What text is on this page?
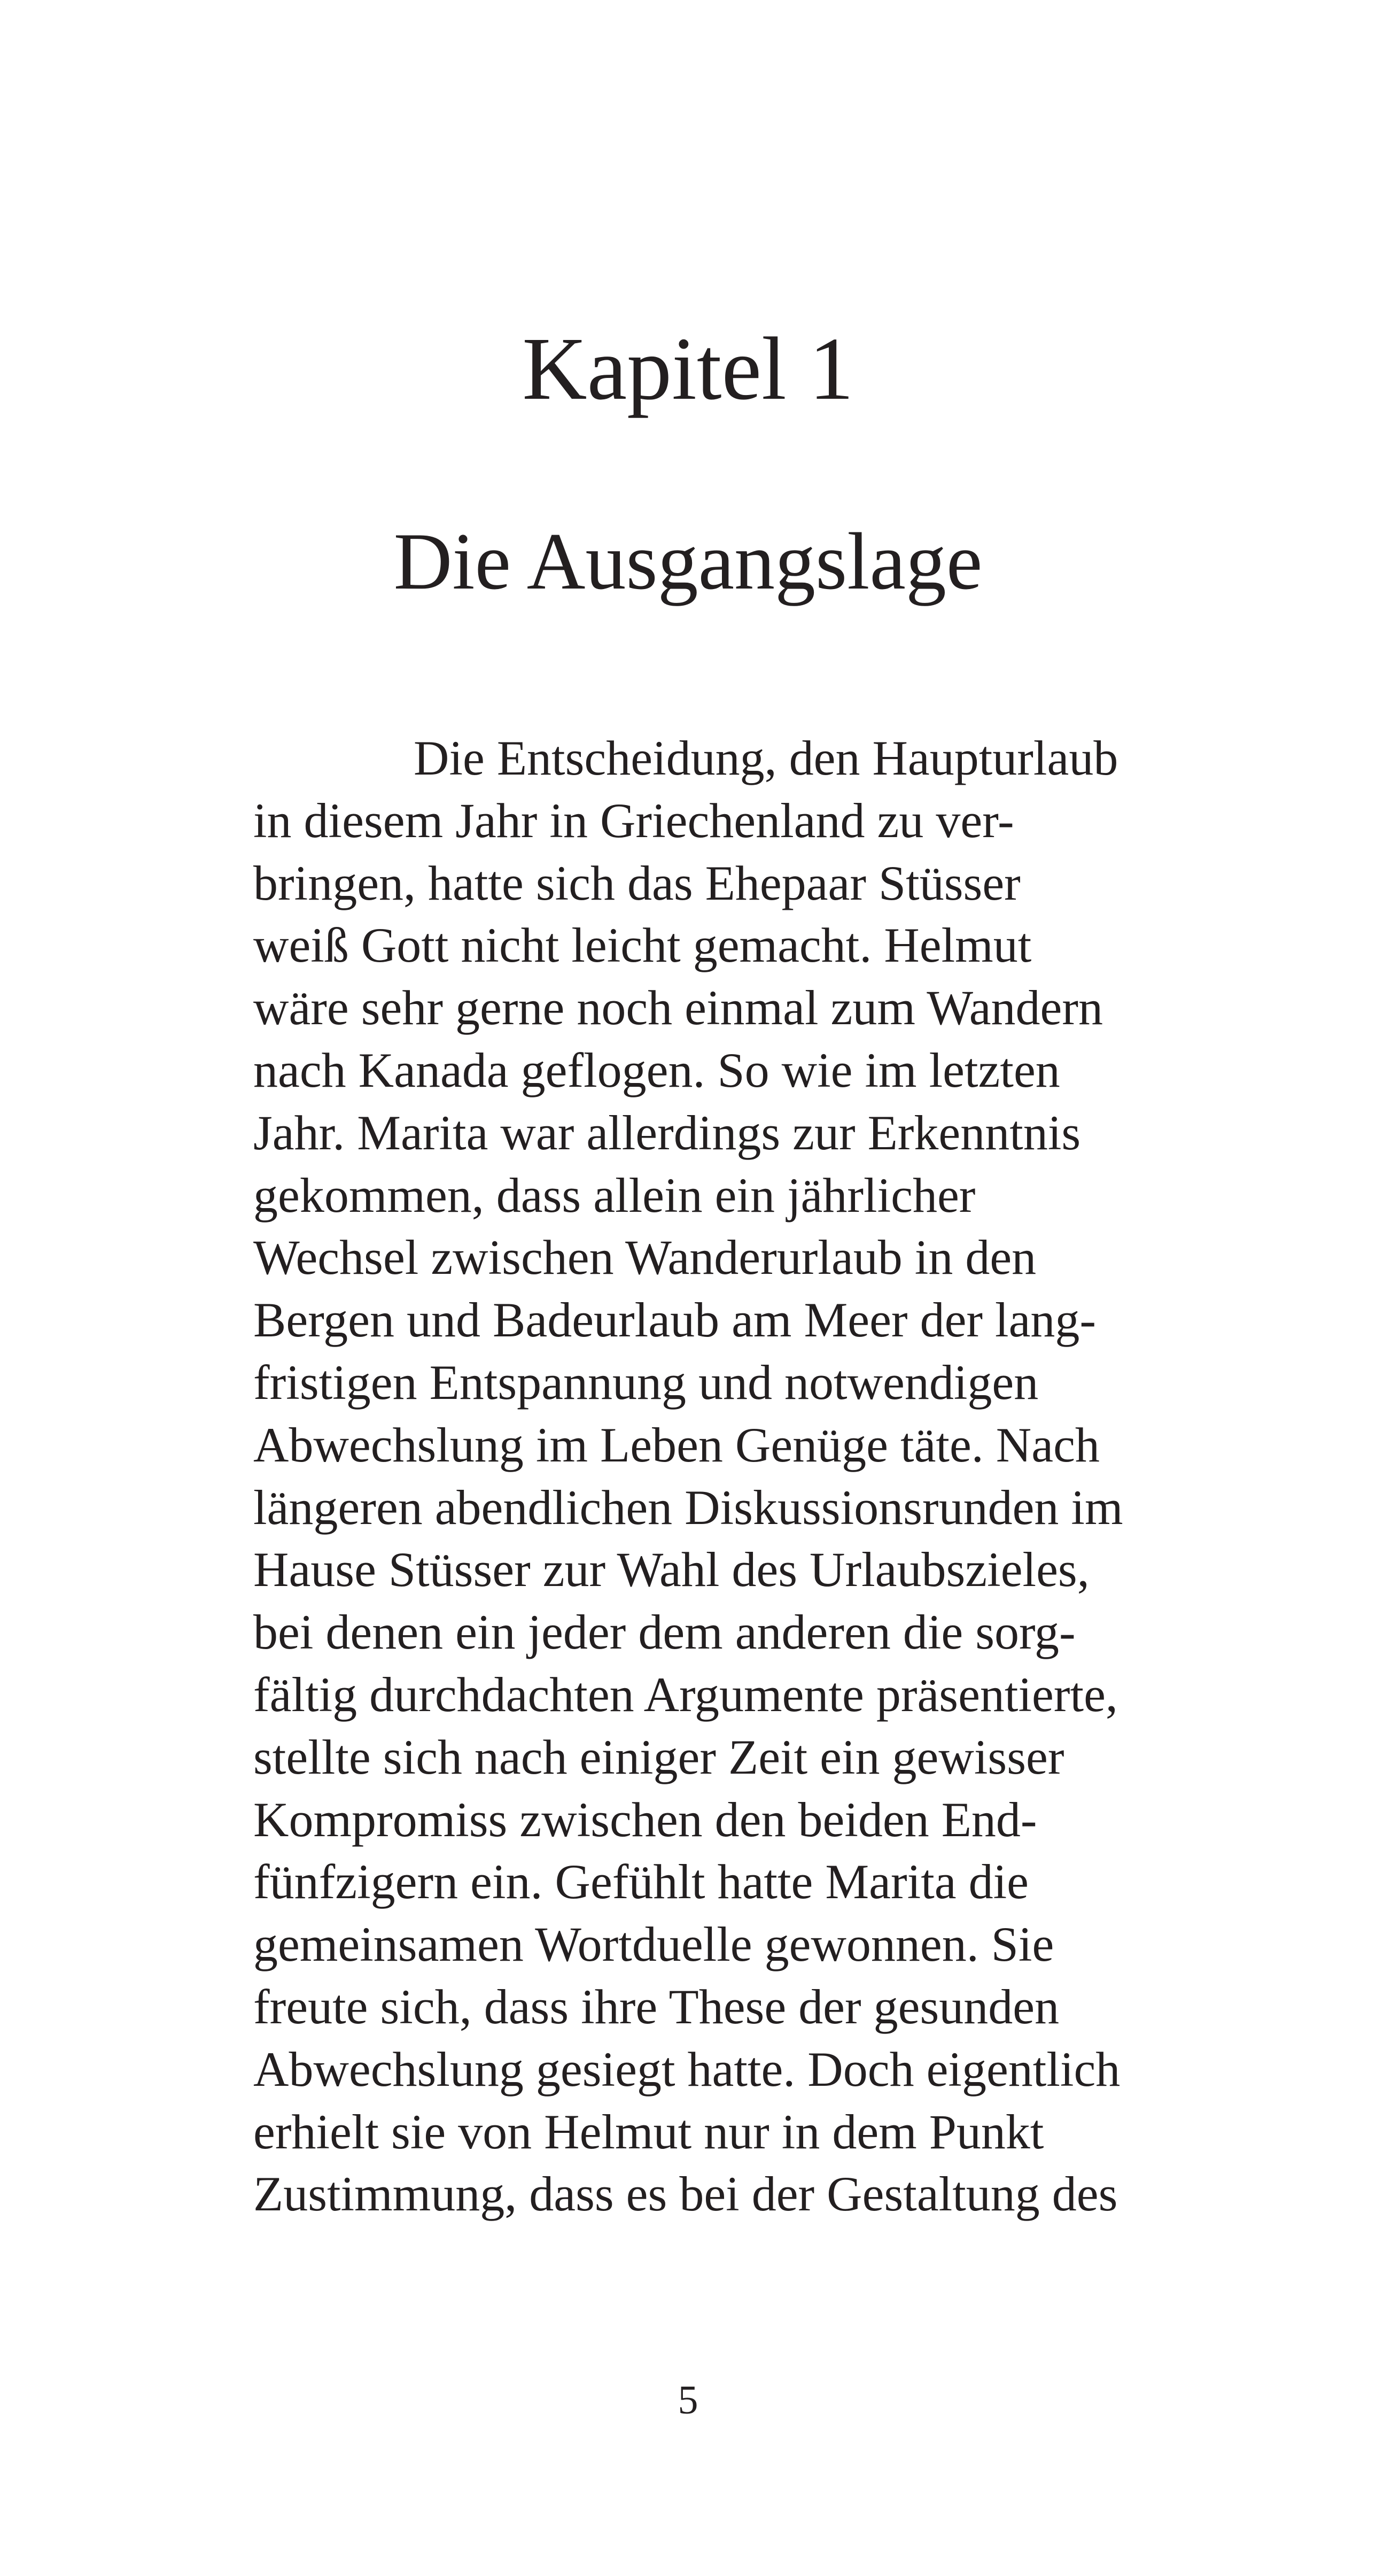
Kapitel 1
Die Ausgangslage
Die Entscheidung, den Haupturlaub
in diesem Jahr in Griechenland zu ver-
bringen, hatte sich das Ehepaar Stüsser
weiß Gott nicht leicht gemacht. Helmut
wäre sehr gerne noch einmal zum Wandern
nach Kanada geflogen. So wie im letzten
Jahr. Marita war allerdings zur Erkenntnis
gekommen, dass allein ein jährlicher
Wechsel zwischen Wanderurlaub in den
Bergen und Badeurlaub am Meer der lang-
fristigen Entspannung und notwendigen
Abwechslung im Leben Genüge täte. Nach
längeren abendlichen Diskussionsrunden im
Hause Stüsser zur Wahl des Urlaubszieles,
bei denen ein jeder dem anderen die sorg-
fältig durchdachten Argumente präsentierte,
stellte sich nach einiger Zeit ein gewisser
Kompromiss zwischen den beiden End-
fünfzigern ein. Gefühlt hatte Marita die
gemeinsamen Wortduelle gewonnen. Sie
freute sich, dass ihre These der gesunden
Abwechslung gesiegt hatte. Doch eigentlich
erhielt sie von Helmut nur in dem Punkt
Zustimmung, dass es bei der Gestaltung des
5
